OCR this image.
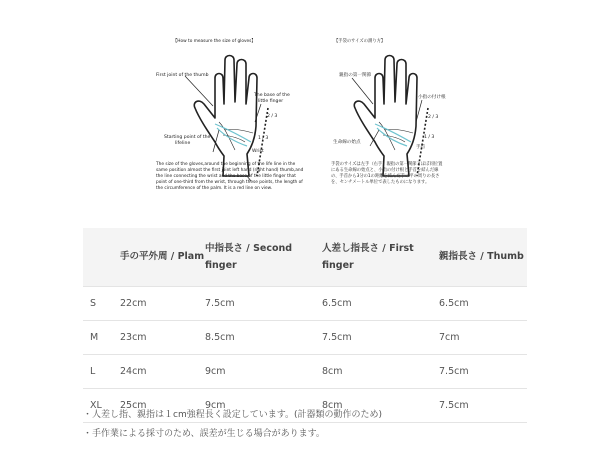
【How to measure the size of gloves】
First joint of the thumb
The base of the
little finger
2 / 3
1 / 3
Starting point of the
lifeline
Wrist
The size of the gloves,around the beginning of the life line in the same position almost the first joint left hand (right hand) thumb,and the line connecting the wrist and the base of the little finger that point of one-third from the wrist, through these points, the length of the circumference of the palm. It is a red line on view.
【手袋のサイズの測り方】
親指の第一関節
小指の付け根
2 / 3
1 / 3
生命線の始点
手首
手袋のサイズは左手（右手）親指の第一関節とほぼ同位置にある生命線の始点と、小指の付け根と手首を結んだ線の、手首から3分の1の距離を結んだ手の平の周りの長さを、センチメートル単位で表したものになります。
	手の平外周 / Plam	中指長さ / Second finger	人差し指長さ / First finger	親指長さ / Thumb
S	22cm	7.5cm	6.5cm	6.5cm
M	23cm	8.5cm	7.5cm	7cm
L	24cm	9cm	8cm	7.5cm
XL	25cm	9cm	8cm	7.5cm
・人差し指、親指は１cm強程長く設定しています。(計器類の動作のため)
・手作業による採寸のため、誤差が生じる場合があります。
